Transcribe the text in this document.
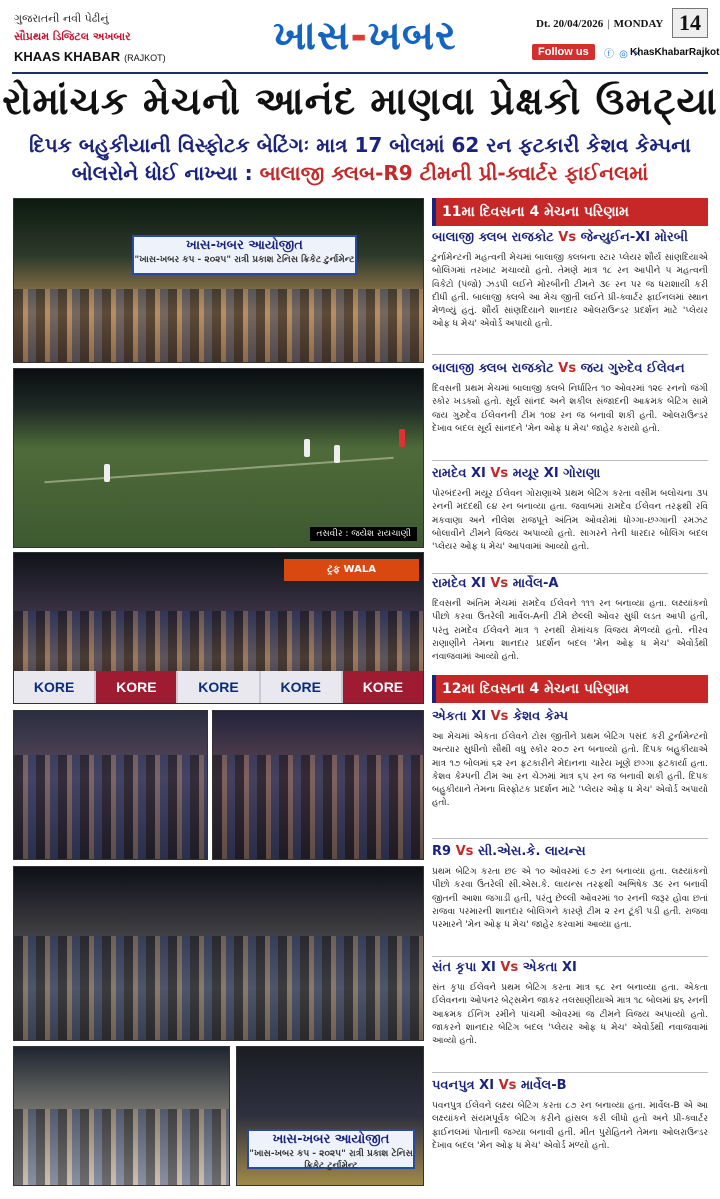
ગુજરાતની નવી પેઢીનું
સૌપ્રથમ ડિજિટલ અખબાર
KHAAS KHABAR (RAJKOT)	ખાસ-ખબર	Dt. 20/04/2026 | MONDAY 14
Follow us	ⓕ ◎ ✕
KhasKhabarRajkot
રોમાંચક મેચનો આનંદ માણવા પ્રેક્ષકો ઉમટ્યા
દિપક બહુકીયાની વિસ્ફોટક બેટિંગઃ માત્ર 17 બોલમાં 62 રન ફટકારી કેશવ કેમ્પના
બોલરોને ધોઈ નાખ્યા : બાલાજી ક્લબ-R9 ટીમની પ્રી-ક્વાર્ટર ફાઈનલમાં
ખાસ-ખબર આયોજીત
"ખાસ-ખબર કપ - ૨૦૨૫" રાત્રી પ્રકાશ ટેનિસ ક્રિકેટ ટુર્નામેન્ટ
તસવીર : જયેશ રાયચાણી
ટ્રફ WALA
KORE	KORE	KORE	KORE	KORE
ખાસ-ખબર આયોજીત
"ખાસ-ખબર કપ - ૨૦૨૫" રાત્રી પ્રકાશ ટેનિસ ક્રિકેટ ટુર્નામેન્ટ
11મા દિવસના 4 મેચના પરિણામ
બાલાજી ક્લબ રાજકોટ Vs જેન્યુઈન-XI મોરબી
ટુર્નામેન્ટની મહત્વની મેચમાં બાલાજી ક્લબના સ્ટાર પ્લેયર શૌર્ય સાંણદિયાએ બોલિંગમાં તરખાટ મચાવ્યો હતો. તેમણે માત્ર ૧૮ રન આપીને ૫ મહત્વની વિકેટો (પંજો) ઝડપી લઈને મોરબીની ટીમને ૩૯ રન પર જ ધરાશાયી કરી દીધી હતી. બાલાજી ક્લબે આ મેચ જીતી લઈને પ્રી-ક્વાર્ટર ફાઈનલમાં સ્થાન મેળવ્યું હતું. શૌર્ય સાંણદિયાને શાનદાર ઓલરાઉન્ડર પ્રદર્શન માટે 'પ્લેયર ઓફ ધ મેચ' એવોર્ડ અપાયો હતો.
બાલાજી ક્લબ રાજકોટ Vs જય ગુરુદેવ ઈલેવન
દિવસની પ્રથમ મેચમાં બાલાજી ક્લબે નિર્ધારિત ૧૦ ઓવરમાં ૧૨૯ રનનો જંગી સ્કોર ખડક્યો હતો. સૂર્ય સાંનદ અને શકીલ સંજાદની આક્રમક બેટિંગ સામે જય ગુરુદેવ ઈલેવનની ટીમ ૧૦૪ રન જ બનાવી શકી હતી. ઓલરાઉન્ડર દેખાવ બદલ સૂર્ય સાંનદને 'મેન ઓફ ધ મેચ' જાહેર કરાયો હતો.
રામદેવ XI Vs મયૂર XI ગોરાણા
પોરબંદરની મયૂર ઈલેવન ગોરાણાએ પ્રથમ બેટિંગ કરતા વસીમ બલોચના ૩૫ રનની મદદથી ૯૪ રન બનાવ્યા હતા. જવાબમાં રામદેવ ઈલેવન તરફથી રવિ મકવાણા અને નીલેશ રાજપૂતે અંતિમ ઓવરોમાં ધોગ્ગા-છગ્ગાની રમઝટ બોલાવીને ટીમને વિજય અપાવ્યો હતો. સાગરને તેની ધારદાર બોલિંગ બદલ 'પ્લેયર ઓફ ધ મેચ' આપવામાં આવ્યો હતો.
રામદેવ XI Vs માર્વેલ-A
દિવસની અંતિમ મેચમાં રામદેવ ઈલેવને ૧૧૧ રન બનાવ્યા હતા. લક્ષ્યાંકનો પીછો કરવા ઉતરેલી માર્વેલ-Aની ટીમે છેલ્લી ઓવર સુધી લડત આપી હતી, પરંતુ રામદેવ ઈલેવને માત્ર ૧ રનથી રોમાંચક વિજય મેળવ્યો હતો. નીરવ રાણાણીને તેમના શાનદાર પ્રદર્શન બદલ 'મેન ઓફ ધ મેચ' એવોર્ડથી નવાજવામાં આવ્યો હતો.
12મા દિવસના 4 મેચના પરિણામ
એકતા XI Vs કેશવ કેમ્પ
આ મેચમાં એકતા ઈલેવને ટોસ જીતીને પ્રથમ બેટિંગ પસંદ કરી ટુર્નામેન્ટનો અત્યાર સુધીનો સૌથી વધુ સ્કોર ૨૦૭ રન બનાવ્યો હતો. દિપક બહુકીયાએ માત્ર ૧૭ બોલમાં ૬૨ રન ફટકારીને મેદાનના ચારેય ખૂણે છગ્ગા ફટકાર્યા હતા. કેશવ કેમ્પની ટીમ આ રન ચેઝમાં માત્ર ૬૫ રન જ બનાવી શકી હતી. દિપક બહુકીયાને તેમના વિસ્ફોટક પ્રદર્શન માટે 'પ્લેયર ઓફ ધ મેચ' એવોર્ડ અપાયો હતો.
R9 Vs સી.એસ.કે. લાયન્સ
પ્રથમ બેટિંગ કરતા છ૯ એ ૧૦ ઓવરમાં ૯૭ રન બનાવ્યા હતા. લક્ષ્યાંકનો પીછો કરવા ઉતરેલી સી.એસ.કે. લાયન્સ તરફથી અભિષેક ૩૯ રન બનાવી જીતની આશા જગાડી હતી, પરંતુ છેલ્લી ઓવરમાં ૧૦ રનની જરૂર હોવા છતાં રાજવા પરમારની શાનદાર બોલિંગને કારણે ટીમ ૨ રન ટૂંકી પડી હતી. રાજવા પરમારને 'મેન ઓફ ધ મેચ' જાહેર કરવામાં આવ્યા હતા.
સંત કૃપા XI Vs એકતા XI
સંત કૃપા ઈલેવને પ્રથમ બેટિંગ કરતા માત્ર ૬૮ રન બનાવ્યા હતા. એકતા ઈલેવનના ઓપનર બેટ્સમેન જાકર તલસાણીયાએ માત્ર ૧૮ બોલમાં ૪૬ રનની આક્રમક ઈનિંગ રમીને પાંચમી ઓવરમાં જ ટીમને વિજય અપાવ્યો હતો. જાકરને શાનદાર બેટિંગ બદલ 'પ્લેયર ઓફ ધ મેચ' એવોર્ડથી નવાજવામાં આવ્યો હતો.
પવનપુત્ર XI Vs માર્વેલ-B
પવનપુત્ર ઈલેવને લક્ષ્ય બેટિંગ કરતા ૮૭ રન બનાવ્યા હતા. માર્વેલ-B એ આ લક્ષ્યાંકને સંયમપૂર્વક બેટિંગ કરીને હાંસલ કરી લીધો હતો અને પ્રી-ક્વાર્ટર ફાઈનલમાં પોતાની જગ્યા બનાવી હતી. મીત પુરોહિતને તેમના ઓલરાઉન્ડર દેખાવ બદલ 'મેન ઓફ ધ મેચ' એવોર્ડ મળ્યો હતો.
